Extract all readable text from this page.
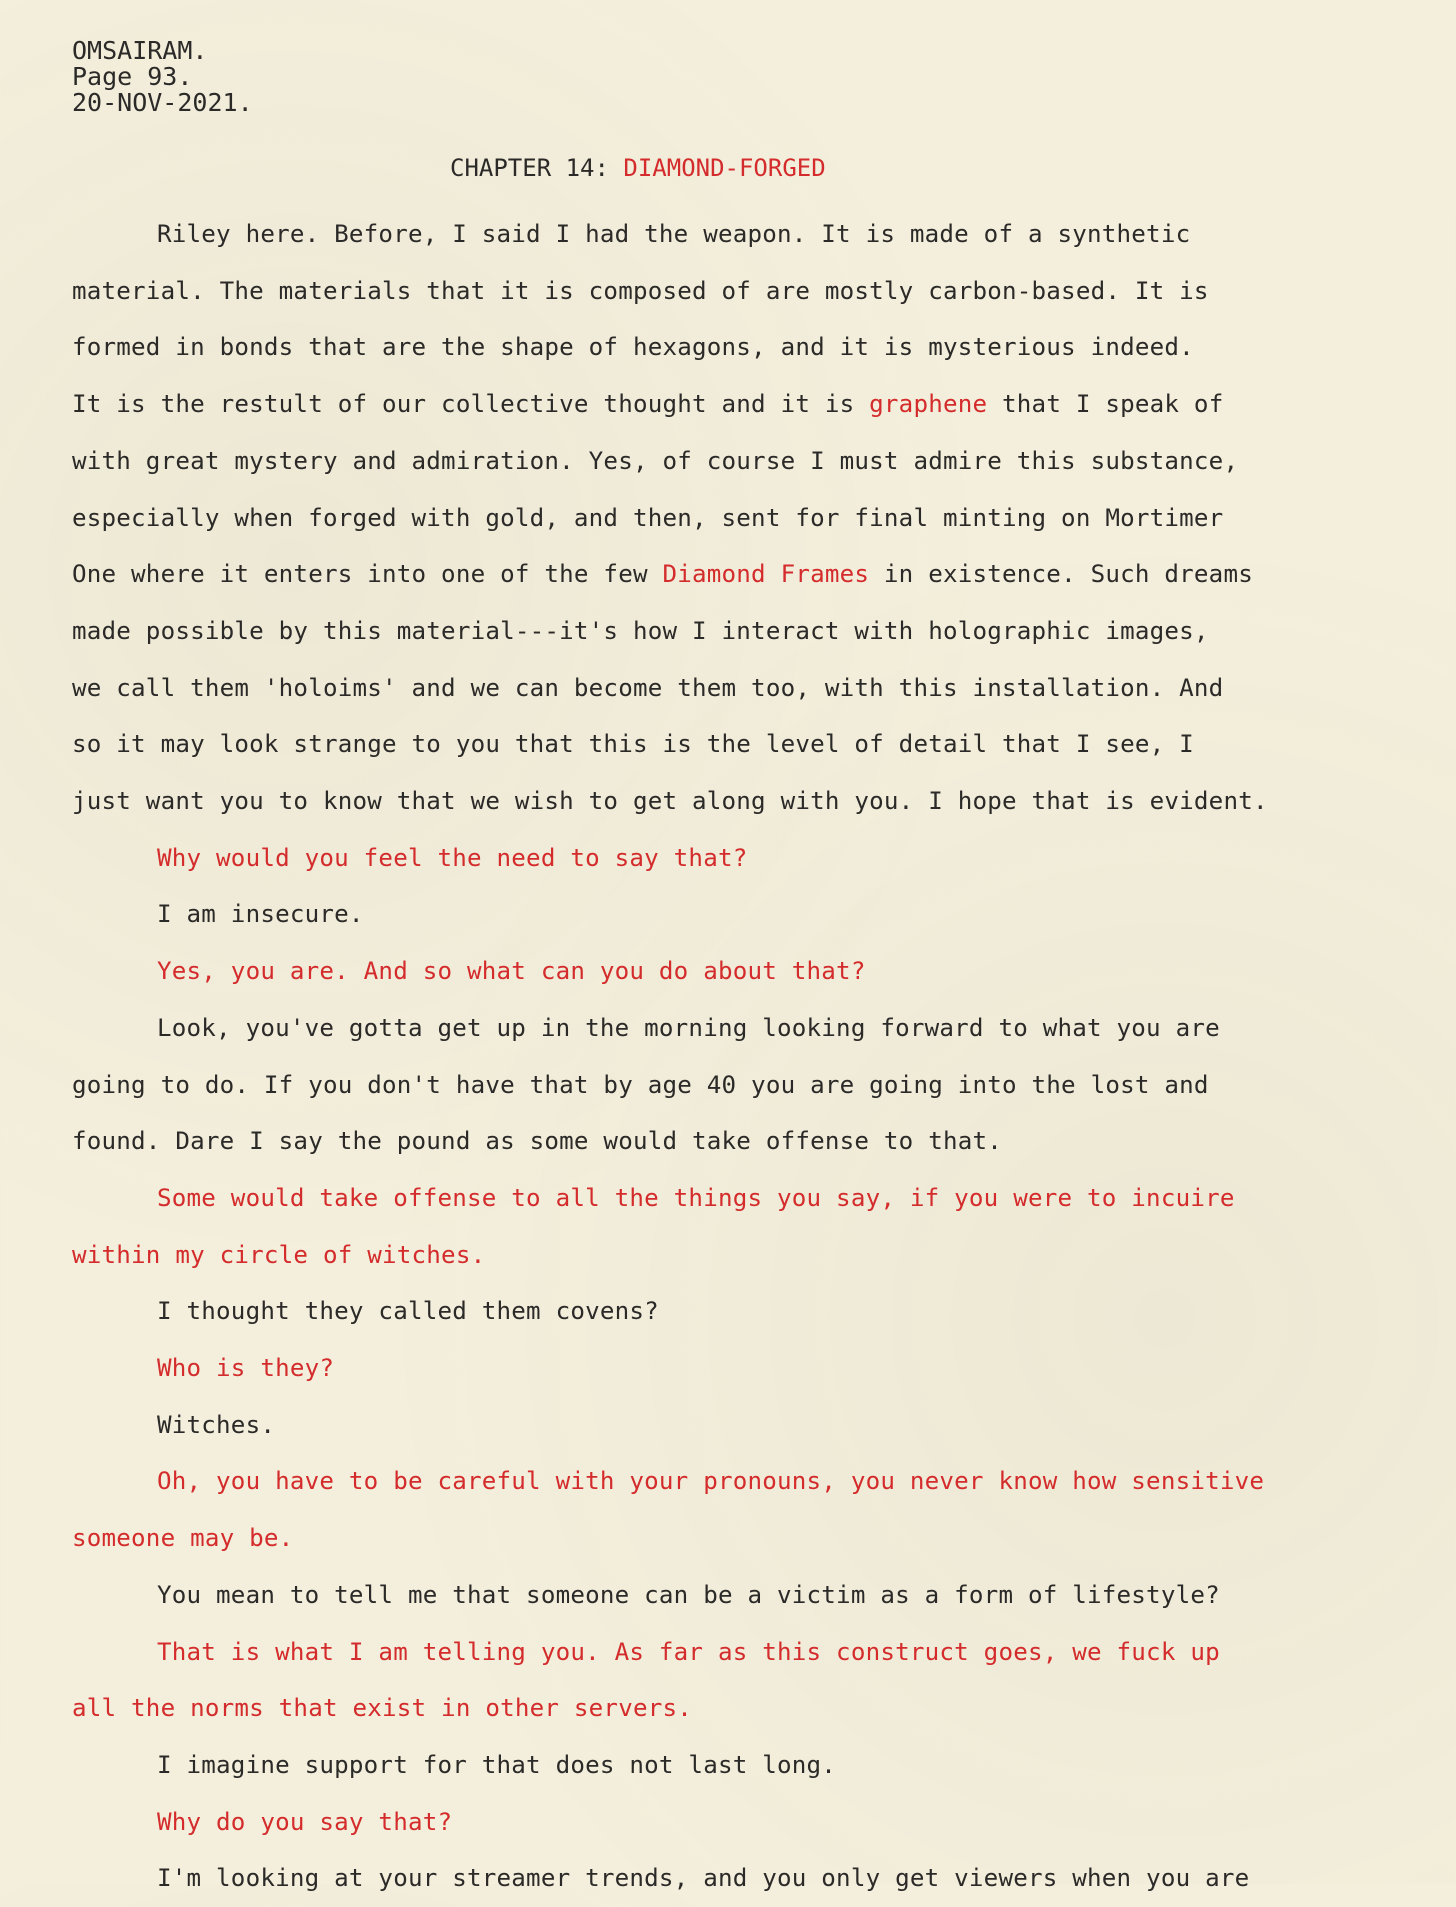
OMSAIRAM.
Page 93.
20-NOV-2021.
CHAPTER 14: DIAMOND-FORGED
Riley here. Before, I said I had the weapon. It is made of a synthetic
material. The materials that it is composed of are mostly carbon-based. It is
formed in bonds that are the shape of hexagons, and it is mysterious indeed.
It is the restult of our collective thought and it is graphene that I speak of
with great mystery and admiration. Yes, of course I must admire this substance,
especially when forged with gold, and then, sent for final minting on Mortimer
One where it enters into one of the few Diamond Frames in existence. Such dreams
made possible by this material---it's how I interact with holographic images,
we call them 'holoims' and we can become them too, with this installation. And
so it may look strange to you that this is the level of detail that I see, I
just want you to know that we wish to get along with you. I hope that is evident.
Why would you feel the need to say that?
I am insecure.
Yes, you are. And so what can you do about that?
Look, you've gotta get up in the morning looking forward to what you are
going to do. If you don't have that by age 40 you are going into the lost and
found. Dare I say the pound as some would take offense to that.
Some would take offense to all the things you say, if you were to incuire
within my circle of witches.
I thought they called them covens?
Who is they?
Witches.
Oh, you have to be careful with your pronouns, you never know how sensitive
someone may be.
You mean to tell me that someone can be a victim as a form of lifestyle?
That is what I am telling you. As far as this construct goes, we fuck up
all the norms that exist in other servers.
I imagine support for that does not last long.
Why do you say that?
I'm looking at your streamer trends, and you only get viewers when you are
